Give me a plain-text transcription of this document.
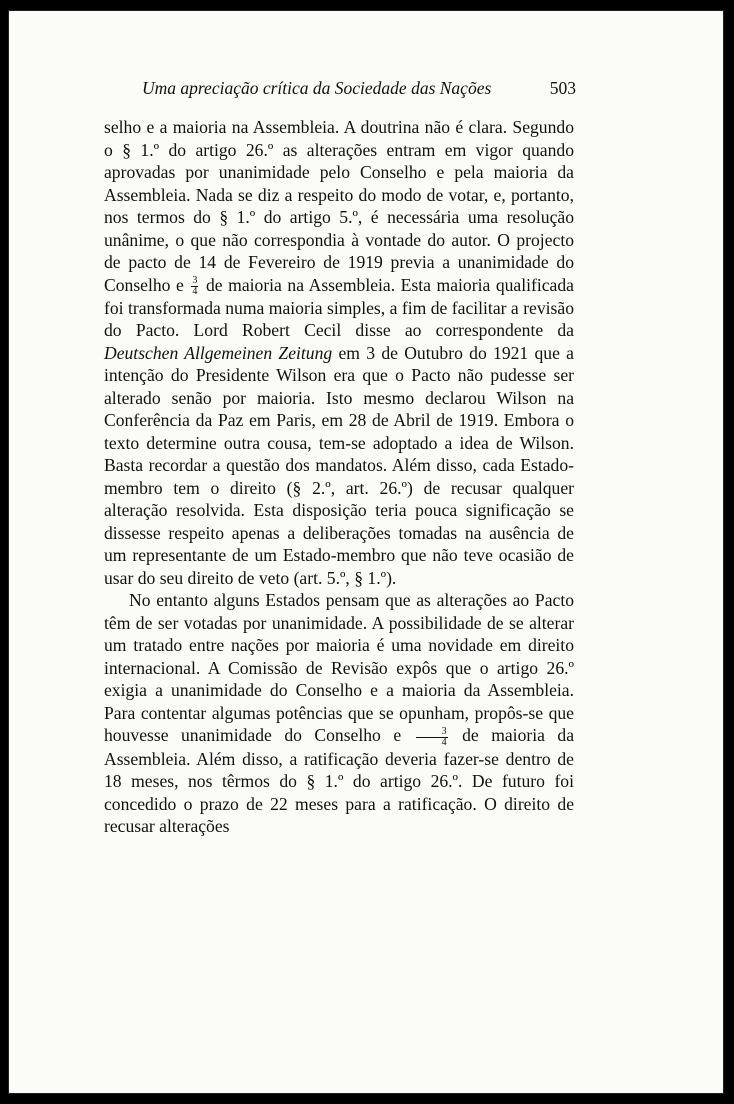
Uma apreciação crítica da Sociedade das Nações	503

selho e a maioria na Assembleia. A doutrina não é clara. Segundo o § 1.º do artigo 26.º as alterações entram em vigor quando aprovadas por unanimidade pelo Conselho e pela maioria da Assembleia. Nada se diz a respeito do modo de votar, e, portanto, nos termos do § 1.º do artigo 5.º, é necessária uma resolução unânime, o que não correspondia à vontade do autor. O projecto de pacto de 14 de Fevereiro de 1919 previa a unanimidade do Conselho e $\frac{3}{4}$ de maioria na Assembleia. Esta maioria qualificada foi transformada numa maioria simples, a fim de facilitar a revisão do Pacto. Lord Robert Cecil disse ao correspondente da Deutschen Allgemeinen Zeitung em 3 de Outubro do 1921 que a intenção do Presidente Wilson era que o Pacto não pudesse ser alterado senão por maioria. Isto mesmo declarou Wilson na Conferência da Paz em Paris, em 28 de Abril de 1919. Embora o texto determine outra cousa, tem-se adoptado a idea de Wilson. Basta recordar a questão dos mandatos. Além disso, cada Estado-membro tem o direito (§ 2.º, art. 26.º) de recusar qualquer alteração resolvida. Esta disposição teria pouca significação se dissesse respeito apenas a deliberações tomadas na ausência de um representante de um Estado-membro que não teve ocasião de usar do seu direito de veto (art. 5.º, § 1.º).

No entanto alguns Estados pensam que as alterações ao Pacto têm de ser votadas por unanimidade. A possibilidade de se alterar um tratado entre nações por maioria é uma novidade em direito internacional. A Comissão de Revisão expôs que o artigo 26.º exigia a unanimidade do Conselho e a maioria da Assembleia. Para contentar algumas potências que se opunham, propôs-se que houvesse unanimidade do Conselho e $\frac{3}{4}$ de maioria da Assembleia. Além disso, a ratificação deveria fazer-se dentro de 18 meses, nos têrmos do § 1.º do artigo 26.º. De futuro foi concedido o prazo de 22 meses para a ratificação. O direito de recusar alterações
